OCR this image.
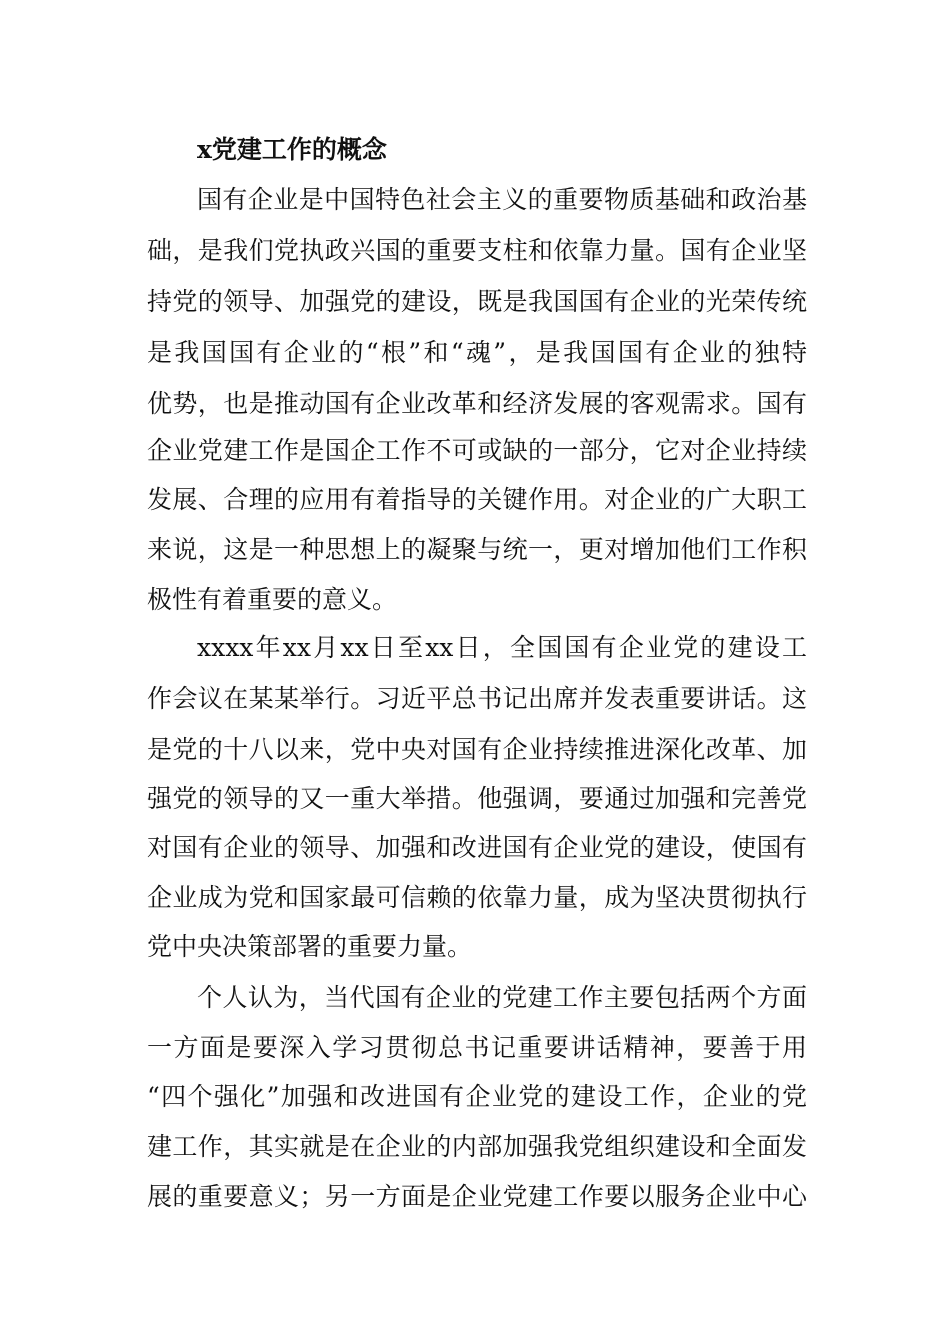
x党建工作的概念
国有企业是中国特色社会主义的重要物质基础和政治基
础，是我们党执政兴国的重要支柱和依靠力量。国有企业坚
持党的领导、加强党的建设，既是我国国有企业的光荣传统
是我国国有企业的“根”和“魂”，是我国国有企业的独特
优势，也是推动国有企业改革和经济发展的客观需求。国有
企业党建工作是国企工作不可或缺的一部分，它对企业持续
发展、合理的应用有着指导的关键作用。对企业的广大职工
来说，这是一种思想上的凝聚与统一，更对增加他们工作积
极性有着重要的意义。
xxxx年xx月xx日至xx日，全国国有企业党的建设工
作会议在某某举行。习近平总书记出席并发表重要讲话。这
是党的十八以来，党中央对国有企业持续推进深化改革、加
强党的领导的又一重大举措。他强调，要通过加强和完善党
对国有企业的领导、加强和改进国有企业党的建设，使国有
企业成为党和国家最可信赖的依靠力量，成为坚决贯彻执行
党中央决策部署的重要力量。
个人认为，当代国有企业的党建工作主要包括两个方面
一方面是要深入学习贯彻总书记重要讲话精神，要善于用
“四个强化”加强和改进国有企业党的建设工作，企业的党
建工作，其实就是在企业的内部加强我党组织建设和全面发
展的重要意义；另一方面是企业党建工作要以服务企业中心
